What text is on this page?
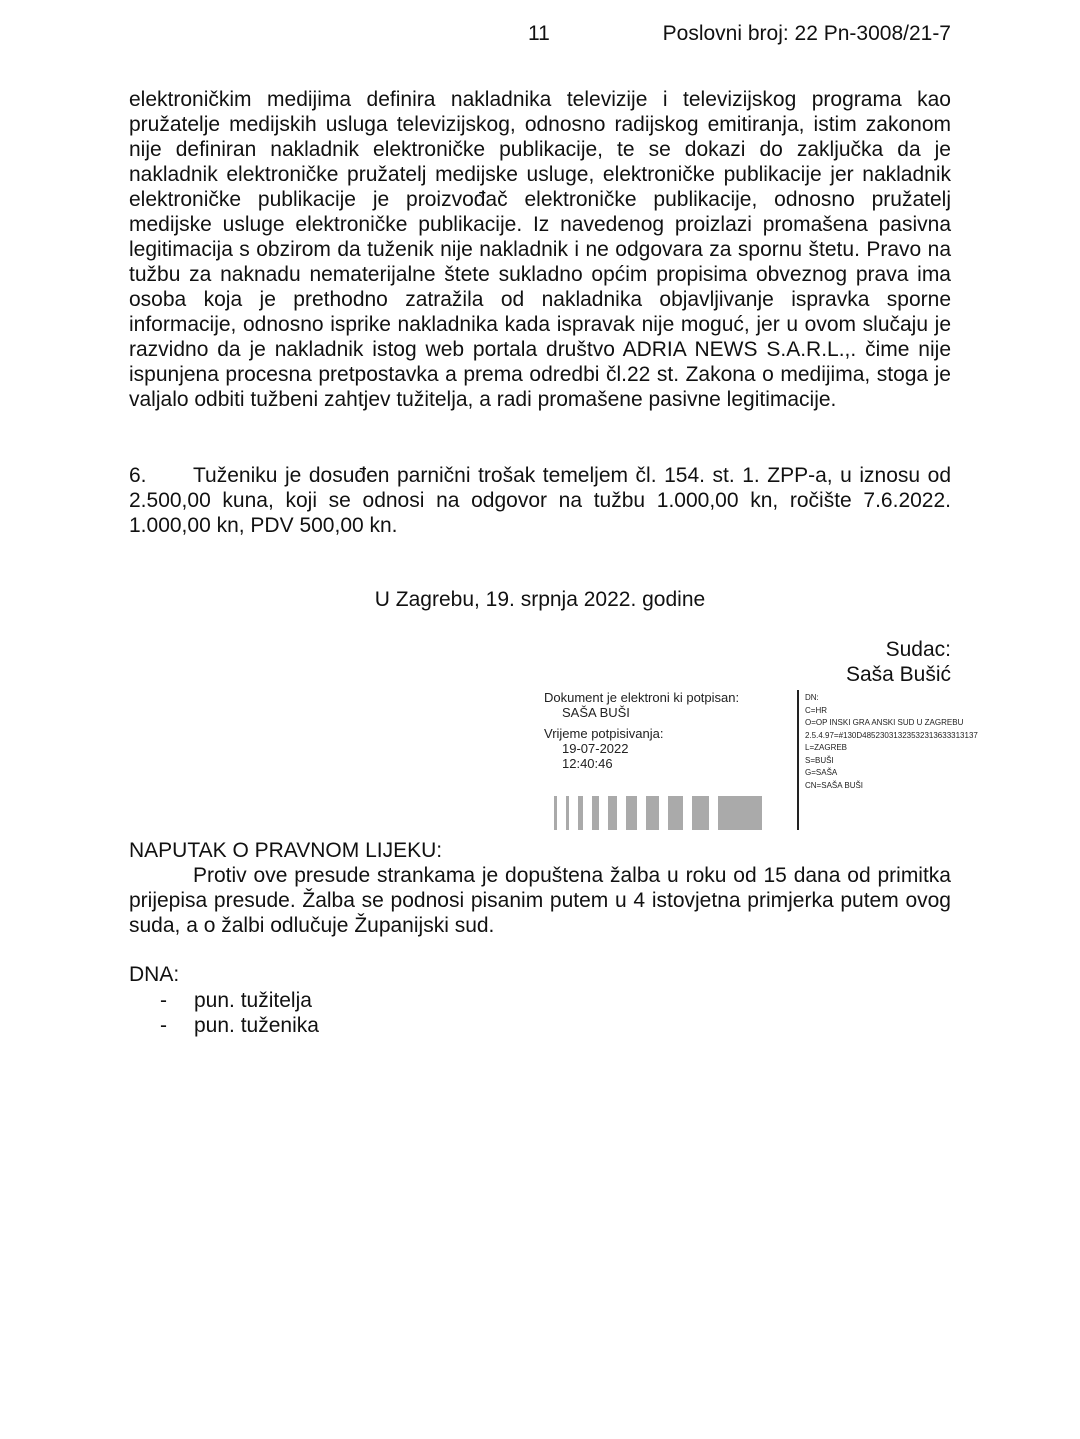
11	Poslovni broj: 22 Pn-3008/21-7
elektroničkim medijima definira nakladnika televizije i televizijskog programa kao pružatelje medijskih usluga televizijskog, odnosno radijskog emitiranja, istim zakonom nije definiran nakladnik elektroničke publikacije, te se dokazi do zaključka da je nakladnik elektroničke pružatelj medijske usluge, elektroničke publikacije jer nakladnik elektroničke publikacije je proizvođač elektroničke publikacije, odnosno pružatelj medijske usluge elektroničke publikacije. Iz navedenog proizlazi promašena pasivna legitimacija s obzirom da tuženik nije nakladnik i ne odgovara za spornu štetu. Pravo na tužbu za naknadu nematerijalne štete sukladno općim propisima obveznog prava ima osoba koja je prethodno zatražila od nakladnika objavljivanje ispravka sporne informacije, odnosno isprike nakladnika kada ispravak nije moguć, jer u ovom slučaju je razvidno da je nakladnik istog web portala društvo ADRIA NEWS S.A.R.L.,. čime nije ispunjena procesna pretpostavka a prema odredbi čl.22 st. Zakona o medijima, stoga je valjalo odbiti tužbeni zahtjev tužitelja, a radi promašene pasivne legitimacije.
6. Tuženiku je dosuđen parnični trošak temeljem čl. 154. st. 1. ZPP-a, u iznosu od 2.500,00 kuna, koji se odnosi na odgovor na tužbu 1.000,00 kn, ročište 7.6.2022. 1.000,00 kn, PDV 500,00 kn.
U Zagrebu, 19. srpnja 2022. godine
Sudac:
Saša Bušić
Dokument je elektroni ki potpisan:
SAŠA BUŠI
Vrijeme potpisivanja:
19-07-2022
12:40:46
DN:
C=HR
O=OP INSKI GRA ANSKI SUD U ZAGREBU
2.5.4.97=#130D48523031323532313633313137
L=ZAGREB
S=BUŠI
G=SAŠA
CN=SAŠA BUŠI
NAPUTAK O PRAVNOM LIJEKU:
Protiv ove presude strankama je dopuštena žalba u roku od 15 dana od primitka prijepisa presude. Žalba se podnosi pisanim putem u 4 istovjetna primjerka putem ovog suda, a o žalbi odlučuje Županijski sud.
DNA:
- pun. tužitelja
- pun. tuženika
